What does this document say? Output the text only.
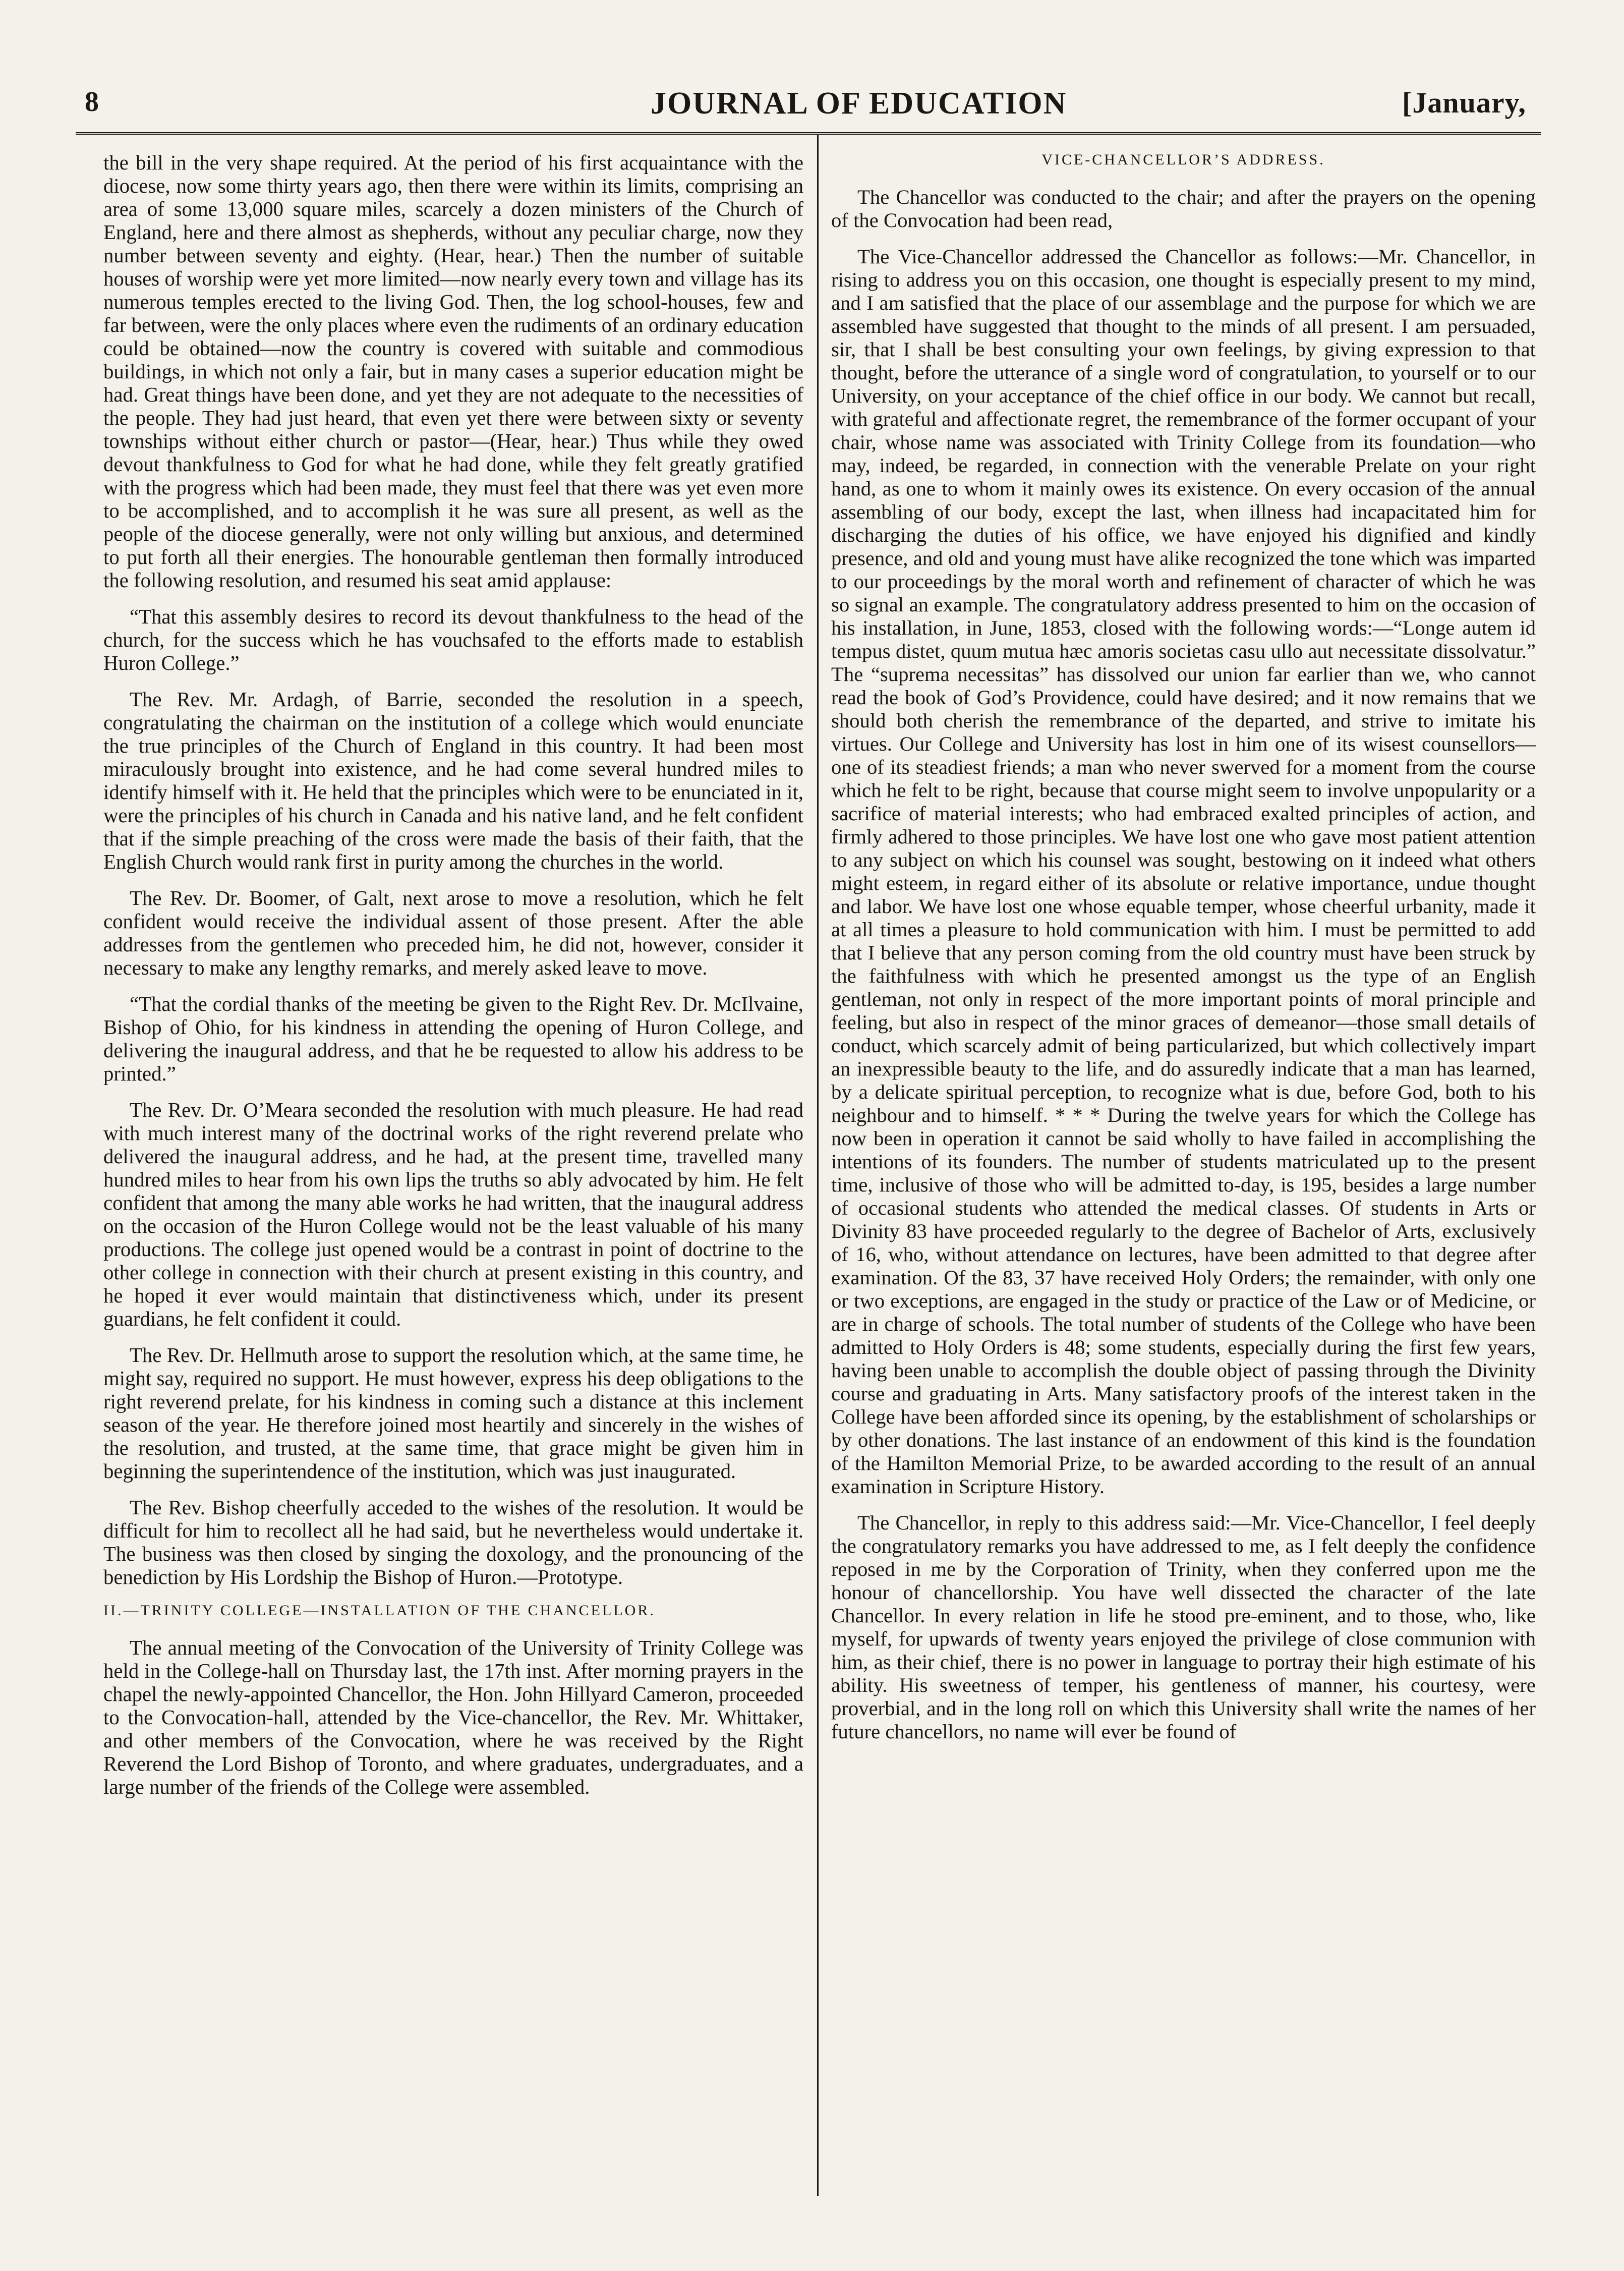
8	JOURNAL OF EDUCATION	[January,

the bill in the very shape required. At the period of his first acquaintance with the diocese, now some thirty years ago, then there were within its limits, comprising an area of some 13,000 square miles, scarcely a dozen ministers of the Church of England, here and there almost as shepherds, without any peculiar charge, now they number between seventy and eighty. (Hear, hear.) Then the number of suitable houses of worship were yet more limited—now nearly every town and village has its numerous temples erected to the living God. Then, the log school-houses, few and far between, were the only places where even the rudiments of an ordinary education could be obtained—now the country is covered with suitable and commodious buildings, in which not only a fair, but in many cases a superior education might be had. Great things have been done, and yet they are not adequate to the necessities of the people. They had just heard, that even yet there were between sixty or seventy townships without either church or pastor—(Hear, hear.) Thus while they owed devout thankfulness to God for what he had done, while they felt greatly gratified with the progress which had been made, they must feel that there was yet even more to be accomplished, and to accomplish it he was sure all present, as well as the people of the diocese generally, were not only willing but anxious, and determined to put forth all their energies. The honourable gentleman then formally introduced the following resolution, and resumed his seat amid applause:

“That this assembly desires to record its devout thankfulness to the head of the church, for the success which he has vouchsafed to the efforts made to establish Huron College.”

The Rev. Mr. Ardagh, of Barrie, seconded the resolution in a speech, congratulating the chairman on the institution of a college which would enunciate the true principles of the Church of England in this country. It had been most miraculously brought into existence, and he had come several hundred miles to identify himself with it. He held that the principles which were to be enunciated in it, were the principles of his church in Canada and his native land, and he felt confident that if the simple preaching of the cross were made the basis of their faith, that the English Church would rank first in purity among the churches in the world.

The Rev. Dr. Boomer, of Galt, next arose to move a resolution, which he felt confident would receive the individual assent of those present. After the able addresses from the gentlemen who preceded him, he did not, however, consider it necessary to make any lengthy remarks, and merely asked leave to move.

“That the cordial thanks of the meeting be given to the Right Rev. Dr. McIlvaine, Bishop of Ohio, for his kindness in attending the opening of Huron College, and delivering the inaugural address, and that he be requested to allow his address to be printed.”

The Rev. Dr. O’Meara seconded the resolution with much pleasure. He had read with much interest many of the doctrinal works of the right reverend prelate who delivered the inaugural address, and he had, at the present time, travelled many hundred miles to hear from his own lips the truths so ably advocated by him. He felt confident that among the many able works he had written, that the inaugural address on the occasion of the Huron College would not be the least valuable of his many productions. The college just opened would be a contrast in point of doctrine to the other college in connection with their church at present existing in this country, and he hoped it ever would maintain that distinctiveness which, under its present guardians, he felt confident it could.

The Rev. Dr. Hellmuth arose to support the resolution which, at the same time, he might say, required no support. He must however, express his deep obligations to the right reverend prelate, for his kindness in coming such a distance at this inclement season of the year. He therefore joined most heartily and sincerely in the wishes of the resolution, and trusted, at the same time, that grace might be given him in beginning the superintendence of the institution, which was just inaugurated.

The Rev. Bishop cheerfully acceded to the wishes of the resolution. It would be difficult for him to recollect all he had said, but he nevertheless would undertake it. The business was then closed by singing the doxology, and the pronouncing of the benediction by His Lordship the Bishop of Huron.—Prototype.

II.—TRINITY COLLEGE—INSTALLATION OF THE CHANCELLOR.

The annual meeting of the Convocation of the University of Trinity College was held in the College-hall on Thursday last, the 17th inst. After morning prayers in the chapel the newly-appointed Chancellor, the Hon. John Hillyard Cameron, proceeded to the Convocation-hall, attended by the Vice-chancellor, the Rev. Mr. Whittaker, and other members of the Convocation, where he was received by the Right Reverend the Lord Bishop of Toronto, and where graduates, undergraduates, and a large number of the friends of the College were assembled.

VICE-CHANCELLOR’S ADDRESS.

The Chancellor was conducted to the chair; and after the prayers on the opening of the Convocation had been read,

The Vice-Chancellor addressed the Chancellor as follows:—Mr. Chancellor, in rising to address you on this occasion, one thought is especially present to my mind, and I am satisfied that the place of our assemblage and the purpose for which we are assembled have suggested that thought to the minds of all present. I am persuaded, sir, that I shall be best consulting your own feelings, by giving expression to that thought, before the utterance of a single word of congratulation, to yourself or to our University, on your acceptance of the chief office in our body. We cannot but recall, with grateful and affectionate regret, the remembrance of the former occupant of your chair, whose name was associated with Trinity College from its foundation—who may, indeed, be regarded, in connection with the venerable Prelate on your right hand, as one to whom it mainly owes its existence. On every occasion of the annual assembling of our body, except the last, when illness had incapacitated him for discharging the duties of his office, we have enjoyed his dignified and kindly presence, and old and young must have alike recognized the tone which was imparted to our proceedings by the moral worth and refinement of character of which he was so signal an example. The congratulatory address presented to him on the occasion of his installation, in June, 1853, closed with the following words:—“Longe autem id tempus distet, quum mutua hæc amoris societas casu ullo aut necessitate dissolvatur.” The “suprema necessitas” has dissolved our union far earlier than we, who cannot read the book of God’s Providence, could have desired; and it now remains that we should both cherish the remembrance of the departed, and strive to imitate his virtues. Our College and University has lost in him one of its wisest counsellors—one of its steadiest friends; a man who never swerved for a moment from the course which he felt to be right, because that course might seem to involve unpopularity or a sacrifice of material interests; who had embraced exalted principles of action, and firmly adhered to those principles. We have lost one who gave most patient attention to any subject on which his counsel was sought, bestowing on it indeed what others might esteem, in regard either of its absolute or relative importance, undue thought and labor. We have lost one whose equable temper, whose cheerful urbanity, made it at all times a pleasure to hold communication with him. I must be permitted to add that I believe that any person coming from the old country must have been struck by the faithfulness with which he presented amongst us the type of an English gentleman, not only in respect of the more important points of moral principle and feeling, but also in respect of the minor graces of demeanor—those small details of conduct, which scarcely admit of being particularized, but which collectively impart an inexpressible beauty to the life, and do assuredly indicate that a man has learned, by a delicate spiritual perception, to recognize what is due, before God, both to his neighbour and to himself. * * * During the twelve years for which the College has now been in operation it cannot be said wholly to have failed in accomplishing the intentions of its founders. The number of students matriculated up to the present time, inclusive of those who will be admitted to-day, is 195, besides a large number of occasional students who attended the medical classes. Of students in Arts or Divinity 83 have proceeded regularly to the degree of Bachelor of Arts, exclusively of 16, who, without attendance on lectures, have been admitted to that degree after examination. Of the 83, 37 have received Holy Orders; the remainder, with only one or two exceptions, are engaged in the study or practice of the Law or of Medicine, or are in charge of schools. The total number of students of the College who have been admitted to Holy Orders is 48; some students, especially during the first few years, having been unable to accomplish the double object of passing through the Divinity course and graduating in Arts. Many satisfactory proofs of the interest taken in the College have been afforded since its opening, by the establishment of scholarships or by other donations. The last instance of an endowment of this kind is the foundation of the Hamilton Memorial Prize, to be awarded according to the result of an annual examination in Scripture History.

The Chancellor, in reply to this address said:—Mr. Vice-Chancellor, I feel deeply the congratulatory remarks you have addressed to me, as I felt deeply the confidence reposed in me by the Corporation of Trinity, when they conferred upon me the honour of chancellorship. You have well dissected the character of the late Chancellor. In every relation in life he stood pre-eminent, and to those, who, like myself, for upwards of twenty years enjoyed the privilege of close communion with him, as their chief, there is no power in language to portray their high estimate of his ability. His sweetness of temper, his gentleness of manner, his courtesy, were proverbial, and in the long roll on which this University shall write the names of her future chancellors, no name will ever be found of
